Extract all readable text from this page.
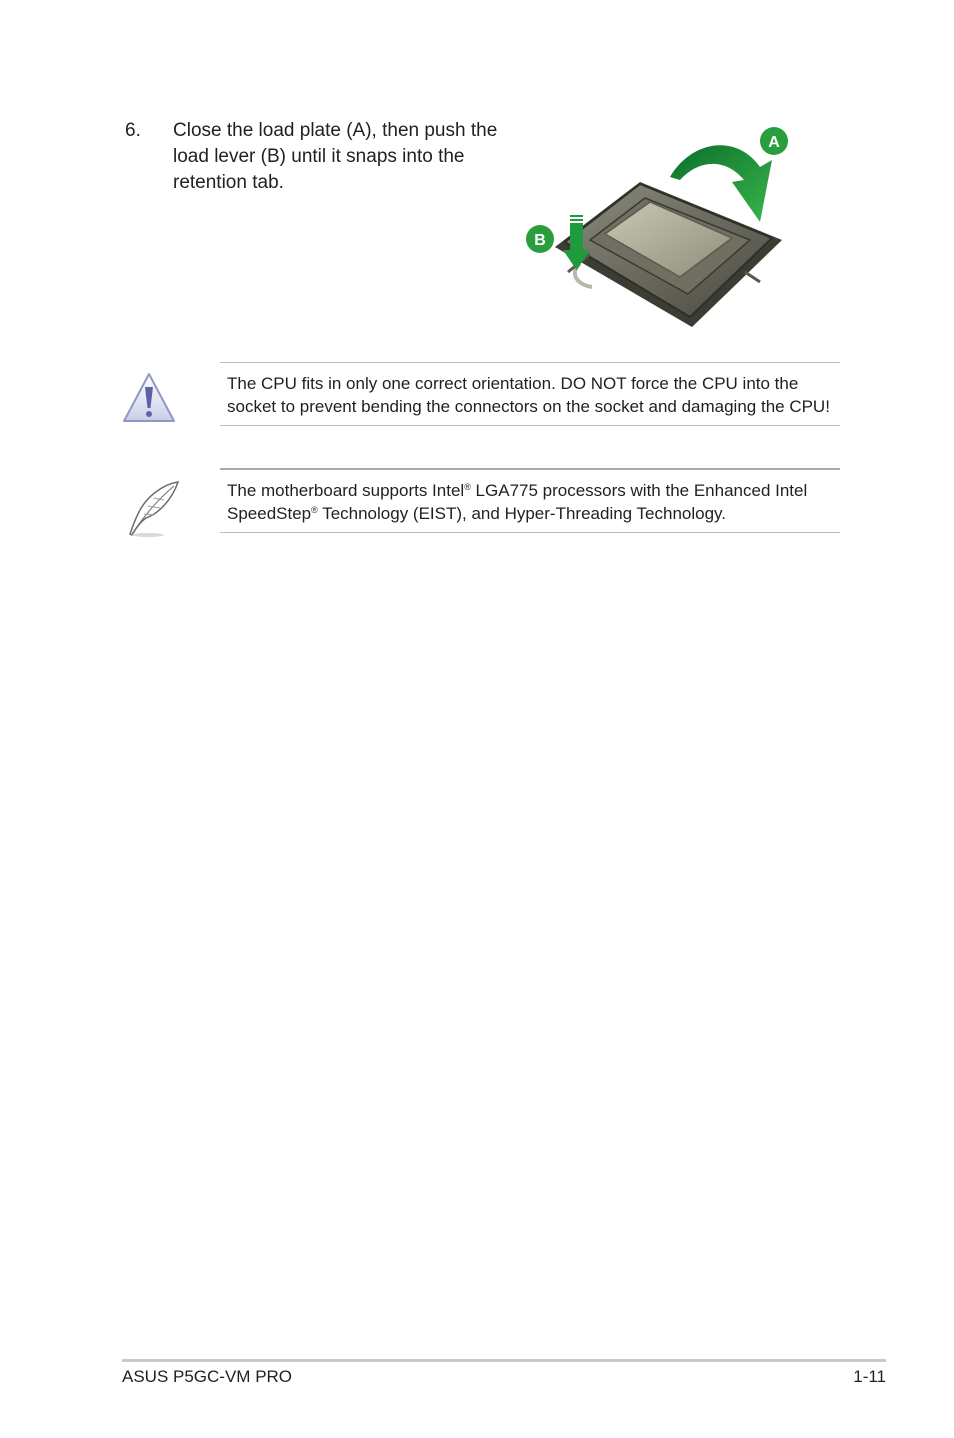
6. Close the load plate (A), then push the load lever (B) until it snaps into the retention tab.
A
B

The CPU fits in only one correct orientation. DO NOT force the CPU into the socket to prevent bending the connectors on the socket and damaging the CPU!

The motherboard supports Intel® LGA775 processors with the Enhanced Intel SpeedStep® Technology (EIST), and Hyper-Threading Technology.

ASUS P5GC-VM PRO	1-11
